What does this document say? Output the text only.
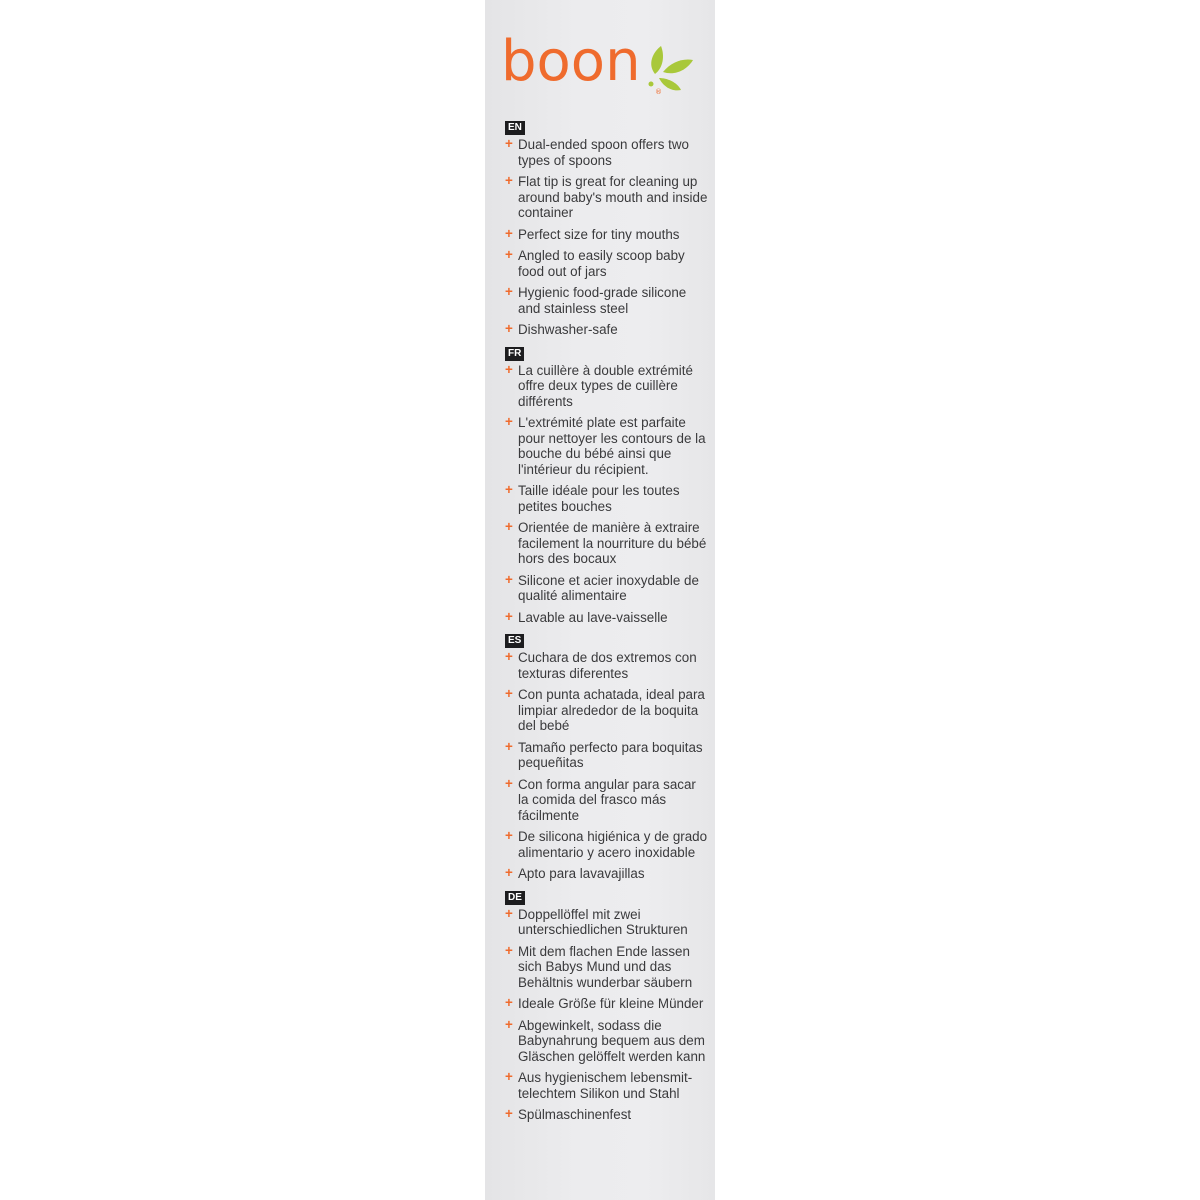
boon ®
EN
+ Dual-ended spoon offers two types of spoons
+ Flat tip is great for cleaning up around baby's mouth and inside container
+ Perfect size for tiny mouths
+ Angled to easily scoop baby food out of jars
+ Hygienic food-grade silicone and stainless steel
+ Dishwasher-safe
FR
+ La cuillère à double extrémité offre deux types de cuillère différents
+ L'extrémité plate est parfaite pour nettoyer les contours de la bouche du bébé ainsi que l'intérieur du récipient.
+ Taille idéale pour les toutes petites bouches
+ Orientée de manière à extraire facilement la nourriture du bébé hors des bocaux
+ Silicone et acier inoxydable de qualité alimentaire
+ Lavable au lave-vaisselle
ES
+ Cuchara de dos extremos con texturas diferentes
+ Con punta achatada, ideal para limpiar alrededor de la boquita del bebé
+ Tamaño perfecto para boquitas pequeñitas
+ Con forma angular para sacar la comida del frasco más fácilmente
+ De silicona higiénica y de grado alimentario y acero inoxidable
+ Apto para lavavajillas
DE
+ Doppellöffel mit zwei unterschiedlichen Strukturen
+ Mit dem flachen Ende lassen sich Babys Mund und das Behältnis wunderbar säubern
+ Ideale Größe für kleine Münder
+ Abgewinkelt, sodass die Babynahrung bequem aus dem Gläschen gelöffelt werden kann
+ Aus hygienischem lebensmit-telechtem Silikon und Stahl
+ Spülmaschinenfest
